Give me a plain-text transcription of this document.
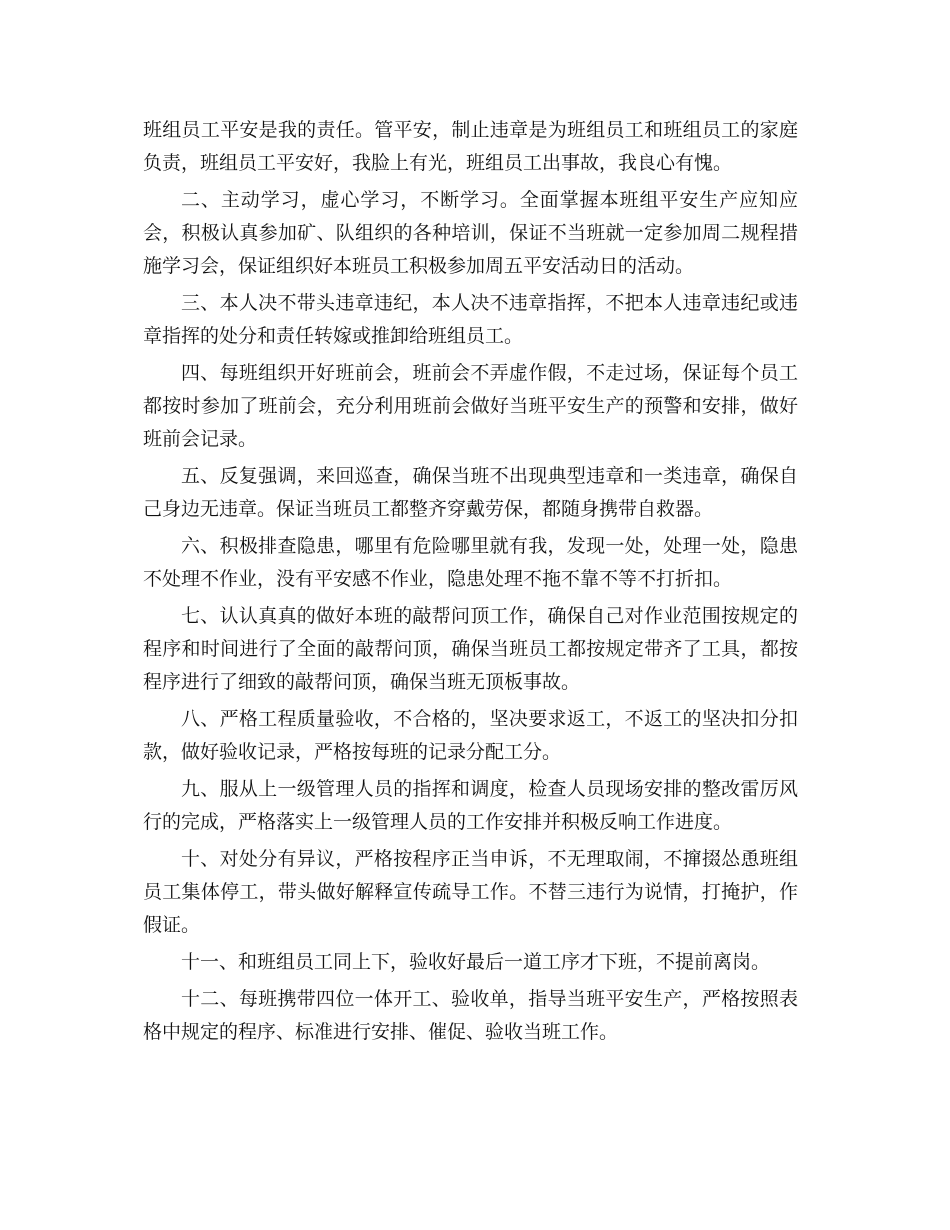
班组员工平安是我的责任。管平安，制止违章是为班组员工和班组员工的家庭负责，班组员工平安好，我脸上有光，班组员工出事故，我良心有愧。

二、主动学习，虚心学习，不断学习。全面掌握本班组平安生产应知应会，积极认真参加矿、队组织的各种培训，保证不当班就一定参加周二规程措施学习会，保证组织好本班员工积极参加周五平安活动日的活动。

三、本人决不带头违章违纪，本人决不违章指挥，不把本人违章违纪或违章指挥的处分和责任转嫁或推卸给班组员工。

四、每班组织开好班前会，班前会不弄虚作假，不走过场，保证每个员工都按时参加了班前会，充分利用班前会做好当班平安生产的预警和安排，做好班前会记录。

五、反复强调，来回巡查，确保当班不出现典型违章和一类违章，确保自己身边无违章。保证当班员工都整齐穿戴劳保，都随身携带自救器。

六、积极排查隐患，哪里有危险哪里就有我，发现一处，处理一处，隐患不处理不作业，没有平安感不作业，隐患处理不拖不靠不等不打折扣。

七、认认真真的做好本班的敲帮问顶工作，确保自己对作业范围按规定的程序和时间进行了全面的敲帮问顶，确保当班员工都按规定带齐了工具，都按程序进行了细致的敲帮问顶，确保当班无顶板事故。

八、严格工程质量验收，不合格的，坚决要求返工，不返工的坚决扣分扣款，做好验收记录，严格按每班的记录分配工分。

九、服从上一级管理人员的指挥和调度，检查人员现场安排的整改雷厉风行的完成，严格落实上一级管理人员的工作安排并积极反响工作进度。

十、对处分有异议，严格按程序正当申诉，不无理取闹，不撺掇怂恿班组员工集体停工，带头做好解释宣传疏导工作。不替三违行为说情，打掩护，作假证。

十一、和班组员工同上下，验收好最后一道工序才下班，不提前离岗。

十二、每班携带四位一体开工、验收单，指导当班平安生产，严格按照表格中规定的程序、标准进行安排、催促、验收当班工作。
